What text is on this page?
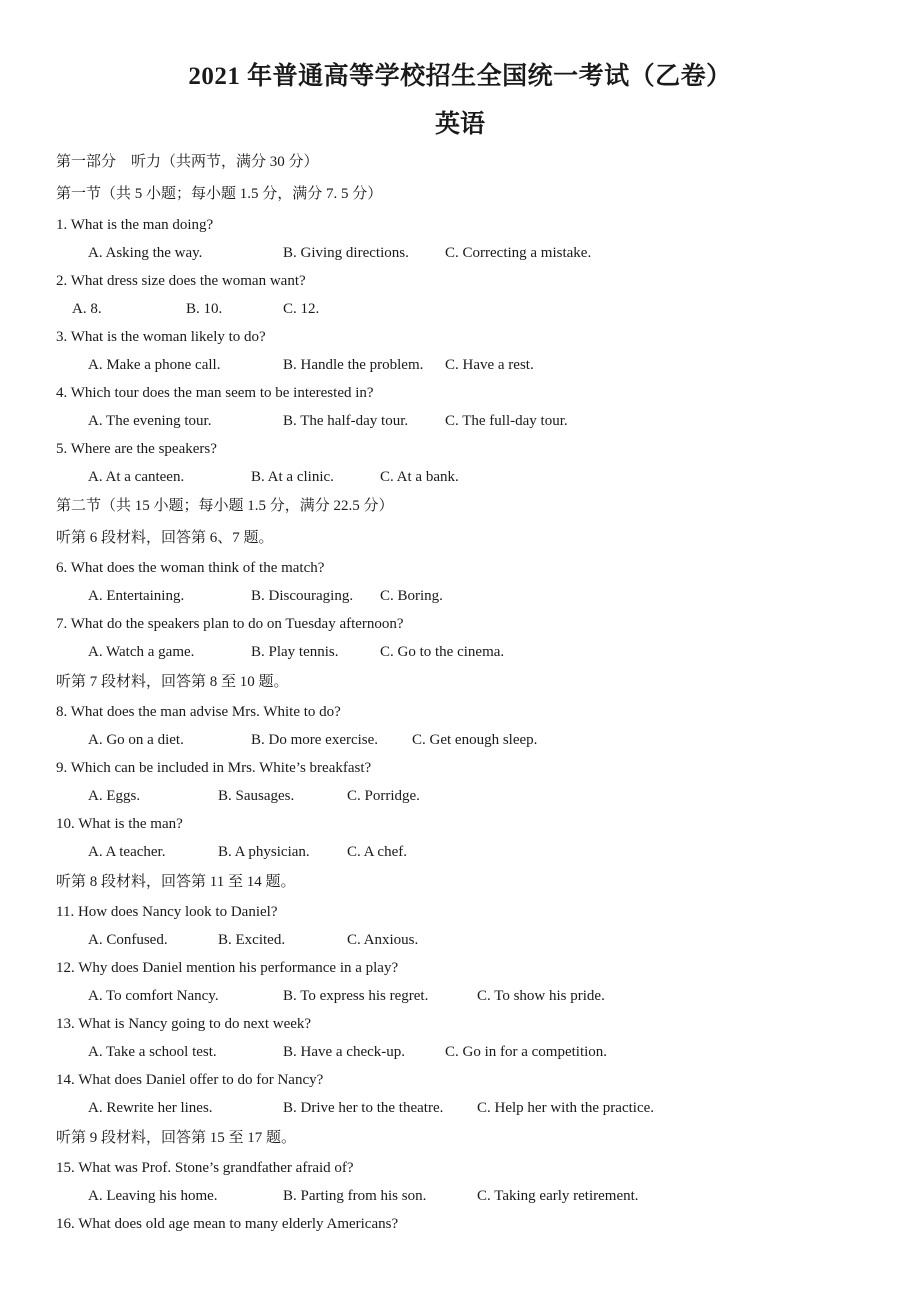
2021 年普通高等学校招生全国统一考试（乙卷）
英语
第一部分　听力（共两节，满分 30 分）
第一节（共 5 小题；每小题 1.5 分，满分 7. 5 分）
1. What is the man doing?
A. Asking the way.	B. Giving directions. C. Correcting a mistake.
2. What dress size does the woman want?
A. 8.	B. 10.	C. 12.
3. What is the woman likely to do?
A. Make a phone call.	B. Handle the problem. C. Have a rest.
4. Which tour does the man seem to be interested in?
A. The evening tour.	B. The half-day tour. C. The full-day tour.
5. Where are the speakers?
A. At a canteen.	B. At a clinic.	C. At a bank.
第二节（共 15 小题；每小题 1.5 分，满分 22.5 分）
听第 6 段材料，回答第 6、7 题。
6. What does the woman think of the match?
A. Entertaining.	B. Discouraging. C. Boring.
7. What do the speakers plan to do on Tuesday afternoon?
A. Watch a game.	B. Play tennis.	C. Go to the cinema.
听第 7 段材料，回答第 8 至 10 题。
8. What does the man advise Mrs. White to do?
A. Go on a diet.	B. Do more exercise. C. Get enough sleep.
9. Which can be included in Mrs. White’s breakfast?
A. Eggs.	B. Sausages.	C. Porridge.
10. What is the man?
A. A teacher.	B. A physician. C. A chef.
听第 8 段材料，回答第 11 至 14 题。
11. How does Nancy look to Daniel?
A. Confused.	B. Excited.	C. Anxious.
12. Why does Daniel mention his performance in a play?
A. To comfort Nancy.	B. To express his regret.	C. To show his pride.
13. What is Nancy going to do next week?
A. Take a school test.	B. Have a check-up.	C. Go in for a competition.
14. What does Daniel offer to do for Nancy?
A. Rewrite her lines.	B. Drive her to the theatre. C. Help her with the practice.
听第 9 段材料，回答第 15 至 17 题。
15. What was Prof. Stone’s grandfather afraid of?
A. Leaving his home.	B. Parting from his son.	C. Taking early retirement.
16. What does old age mean to many elderly Americans?
